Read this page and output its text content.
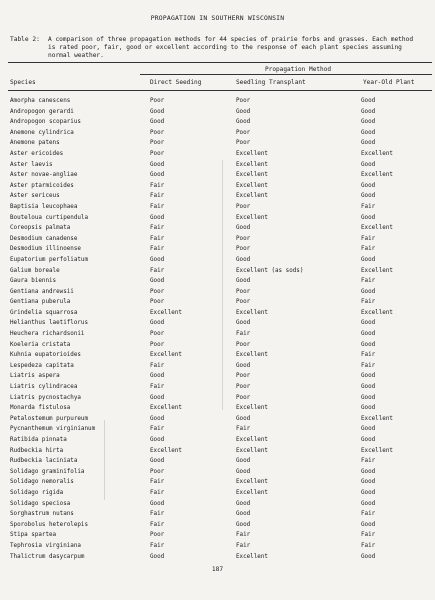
PROPAGATION IN SOUTHERN WISCONSIN
Table 2: A comparison of three propagation methods for 44 species of prairie forbs and grasses. Each method
is rated poor, fair, good or excellent according to the response of each plant species assuming
normal weather.
Propagation Method
Species	Direct Seeding	Seedling Transplant	Year-Old Plant
Amorpha canescens	Poor	Poor	Good
Andropogon gerardi	Good	Good	Good
Andropogon scoparius	Good	Good	Good
Anemone cylindrica	Poor	Poor	Good
Anemone patens	Poor	Poor	Good
Aster ericoides	Poor	Excellent	Excellent
Aster laevis	Good	Excellent	Good
Aster novae-angliae	Good	Excellent	Excellent
Aster ptarmicoides	Fair	Excellent	Good
Aster sericeus	Fair	Excellent	Good
Baptisia leucophaea	Fair	Poor	Fair
Bouteloua curtipendula	Good	Excellent	Good
Coreopsis palmata	Fair	Good	Excellent
Desmodium canadense	Fair	Poor	Fair
Desmodium illinoense	Fair	Poor	Fair
Eupatorium perfoliatum	Good	Good	Good
Galium boreale	Fair	Excellent (as sods)	Excellent
Gaura biennis	Good	Good	Fair
Gentiana andrewsii	Poor	Poor	Good
Gentiana puberula	Poor	Poor	Fair
Grindelia squarrosa	Excellent	Excellent	Excellent
Helianthus laetiflorus	Good	Good	Good
Heuchera richardsonii	Poor	Fair	Good
Koeleria cristata	Poor	Poor	Good
Kuhnia eupatorioides	Excellent	Excellent	Fair
Lespedeza capitata	Fair	Good	Fair
Liatris aspera	Good	Poor	Good
Liatris cylindracea	Fair	Poor	Good
Liatris pycnostachya	Good	Poor	Good
Monarda fistulosa	Excellent	Excellent	Good
Petalostemum purpureum	Good	Good	Excellent
Pycnanthemum virginianum	Fair	Fair	Good
Ratibida pinnata	Good	Excellent	Good
Rudbeckia hirta	Excellent	Excellent	Excellent
Rudbeckia laciniata	Good	Good	Fair
Solidago graminifolia	Poor	Good	Good
Solidago nemoralis	Fair	Excellent	Good
Solidago rigida	Fair	Excellent	Good
Solidago speciosa	Good	Good	Good
Sorghastrum nutans	Fair	Good	Fair
Sporobolus heterolepis	Fair	Good	Good
Stipa spartea	Poor	Fair	Fair
Tephrosia virginiana	Fair	Fair	Fair
Thalictrum dasycarpum	Good	Excellent	Good
187
